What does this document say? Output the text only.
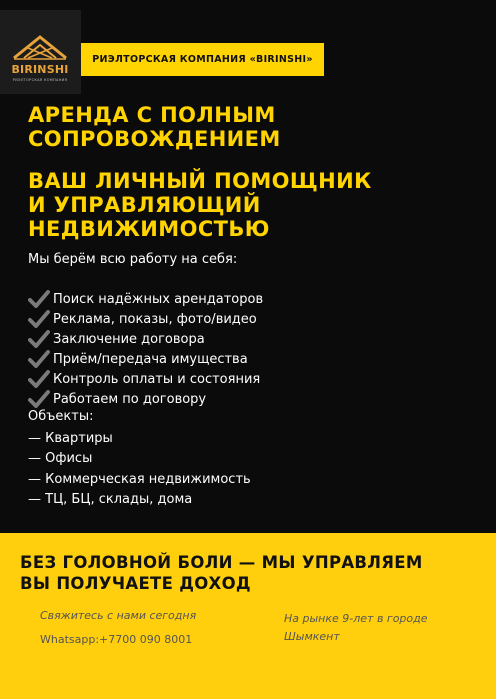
BIRINSHI
РИЭЛТОРСКАЯ КОМПАНИЯ
РИЭЛТОРСКАЯ КОМПАНИЯ «BIRINSHI»
АРЕНДА С ПОЛНЫМ
СОПРОВОЖДЕНИЕМ
ВАШ ЛИЧНЫЙ ПОМОЩНИК
И УПРАВЛЯЮЩИЙ
НЕДВИЖИМОСТЬЮ
Мы берём всю работу на себя:
Поиск надёжных арендаторов
Реклама, показы, фото/видео
Заключение договора
Приём/передача имущества
Контроль оплаты и состояния
Работаем по договору
Объекты:
— Квартиры
— Офисы
— Коммерческая недвижимость
— ТЦ, БЦ, склады, дома
БЕЗ ГОЛОВНОЙ БОЛИ — МЫ УПРАВЛЯЕМ
ВЫ ПОЛУЧАЕТЕ ДОХОД
Свяжитесь с нами сегодня
Whatsapp:+7700 090 8001
На рынке 9-лет в городе
Шымкент
